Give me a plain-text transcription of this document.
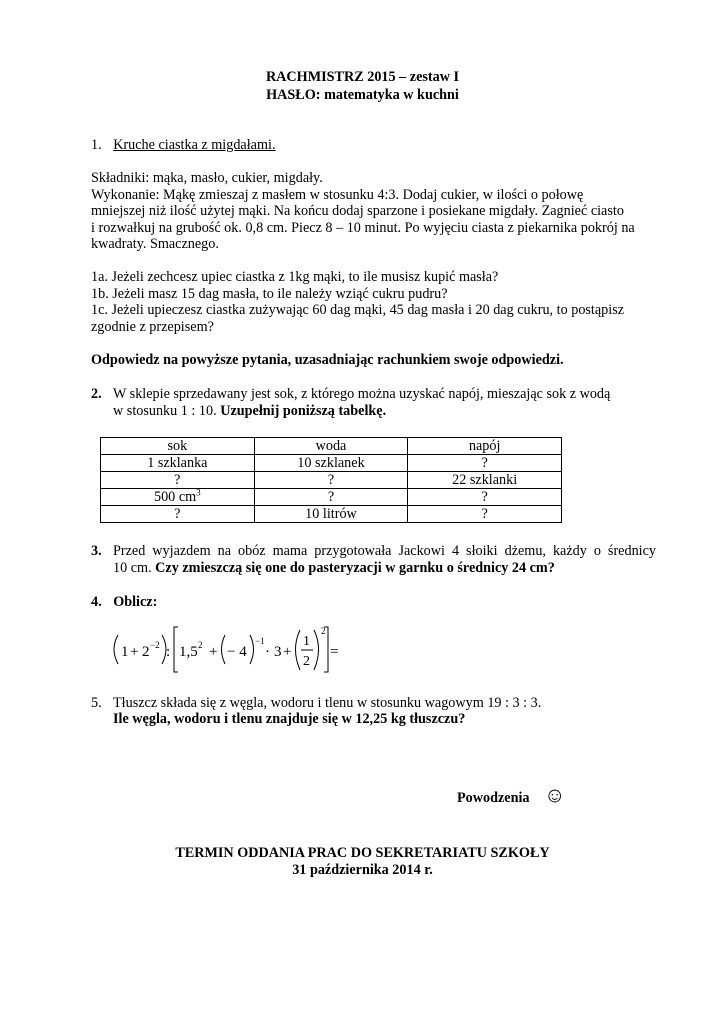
RACHMISTRZ 2015 – zestaw I
HASŁO: matematyka w kuchni
1. Kruche ciastka z migdałami.
Składniki: mąka, masło, cukier, migdały.
Wykonanie: Mąkę zmieszaj z masłem w stosunku 4:3. Dodaj cukier, w ilości o połowę
mniejszej niż ilość użytej mąki. Na końcu dodaj sparzone i posiekane migdały. Zagnieć ciasto
i rozwałkuj na grubość ok. 0,8 cm. Piecz 8 – 10 minut. Po wyjęciu ciasta z piekarnika pokrój na
kwadraty. Smacznego.
1a. Jeżeli zechcesz upiec ciastka z 1kg mąki, to ile musisz kupić masła?
1b. Jeżeli masz 15 dag masła, to ile należy wziąć cukru pudru?
1c. Jeżeli upieczesz ciastka zużywając 60 dag mąki, 45 dag masła i 20 dag cukru, to postąpisz
zgodnie z przepisem?
Odpowiedz na powyższe pytania, uzasadniając rachunkiem swoje odpowiedzi.
2. W sklepie sprzedawany jest sok, z którego można uzyskać napój, mieszając sok z wodą
w stosunku 1 : 10. Uzupełnij poniższą tabelkę.
sok	woda	napój
1 szklanka	10 szklanek	?
?	?	22 szklanki
500 $cm^3$	?	?
?	10 litrów	?
3. Przed wyjazdem na obóz mama przygotowała Jackowi 4 słoiki dżemu, każdy o średnicy
10 cm. Czy zmieszczą się one do pasteryzacji w garnku o średnicy 24 cm?
4. Oblicz:
1 + 2 −2 : 1,5 2 + − 4
−1
· 3 +
1
2
2
=
5. Tłuszcz składa się z węgla, wodoru i tlenu w stosunku wagowym 19 : 3 : 3.
Ile węgla, wodoru i tlenu znajduje się w 12,25 kg tłuszczu?
Powodzenia ☺
TERMIN ODDANIA PRAC DO SEKRETARIATU SZKOŁY
31 października 2014 r.
